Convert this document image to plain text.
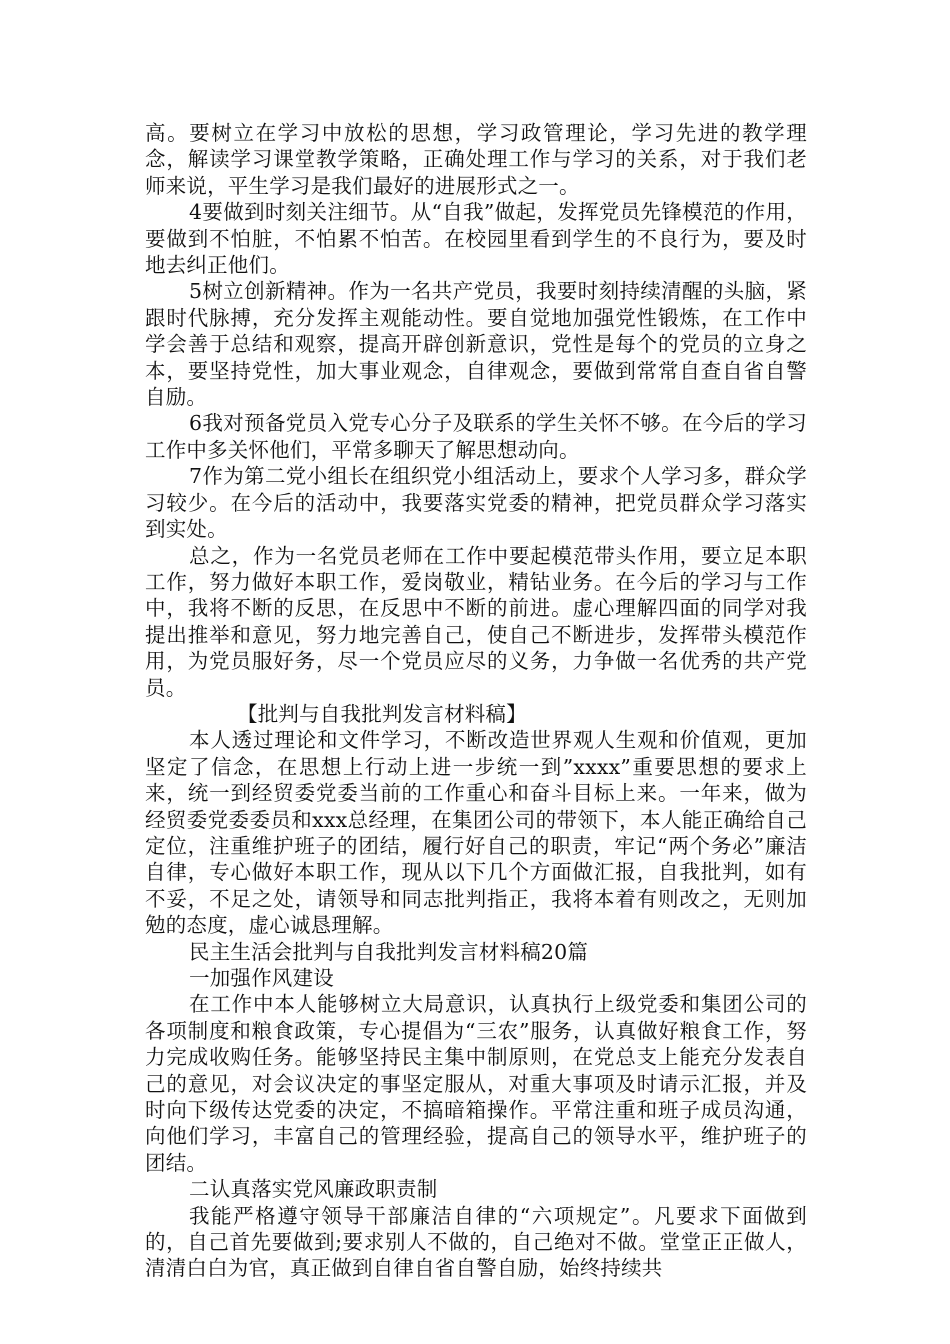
高。要树立在学习中放松的思想，学习政管理论，学习先进的教学理念，解读学习课堂教学策略，正确处理工作与学习的关系，对于我们老师来说，平生学习是我们最好的进展形式之一。

4要做到时刻关注细节。从“自我”做起，发挥党员先锋模范的作用，要做到不怕脏，不怕累不怕苦。在校园里看到学生的不良行为，要及时地去纠正他们。

5树立创新精神。作为一名共产党员，我要时刻持续清醒的头脑，紧跟时代脉搏，充分发挥主观能动性。要自觉地加强党性锻炼，在工作中学会善于总结和观察，提高开辟创新意识，党性是每个的党员的立身之本，要坚持党性，加大事业观念，自律观念，要做到常常自查自省自警自励。

6我对预备党员入党专心分子及联系的学生关怀不够。在今后的学习工作中多关怀他们，平常多聊天了解思想动向。

7作为第二党小组长在组织党小组活动上，要求个人学习多，群众学习较少。在今后的活动中，我要落实党委的精神，把党员群众学习落实到实处。

总之，作为一名党员老师在工作中要起模范带头作用，要立足本职工作，努力做好本职工作，爱岗敬业，精钻业务。在今后的学习与工作中，我将不断的反思，在反思中不断的前进。虚心理解四面的同学对我提出推举和意见，努力地完善自己，使自己不断进步，发挥带头模范作用，为党员服好务，尽一个党员应尽的义务，力争做一名优秀的共产党员。

【批判与自我批判发言材料稿】

本人透过理论和文件学习，不断改造世界观人生观和价值观，更加坚定了信念，在思想上行动上进一步统一到”xxxx”重要思想的要求上来，统一到经贸委党委当前的工作重心和奋斗目标上来。一年来，做为经贸委党委委员和xxx总经理，在集团公司的带领下，本人能正确给自己定位，注重维护班子的团结，履行好自己的职责，牢记“两个务必”廉洁自律，专心做好本职工作，现从以下几个方面做汇报，自我批判，如有不妥，不足之处，请领导和同志批判指正，我将本着有则改之，无则加勉的态度，虚心诚恳理解。

民主生活会批判与自我批判发言材料稿20篇

一加强作风建设

在工作中本人能够树立大局意识，认真执行上级党委和集团公司的各项制度和粮食政策，专心提倡为“三农”服务，认真做好粮食工作，努力完成收购任务。能够坚持民主集中制原则，在党总支上能充分发表自己的意见，对会议决定的事坚定服从，对重大事项及时请示汇报，并及时向下级传达党委的决定，不搞暗箱操作。平常注重和班子成员沟通，向他们学习，丰富自己的管理经验，提高自己的领导水平，维护班子的团结。

二认真落实党风廉政职责制

我能严格遵守领导干部廉洁自律的“六项规定”。凡要求下面做到的，自己首先要做到;要求别人不做的，自己绝对不做。堂堂正正做人，清清白白为官，真正做到自律自省自警自励，始终持续共
